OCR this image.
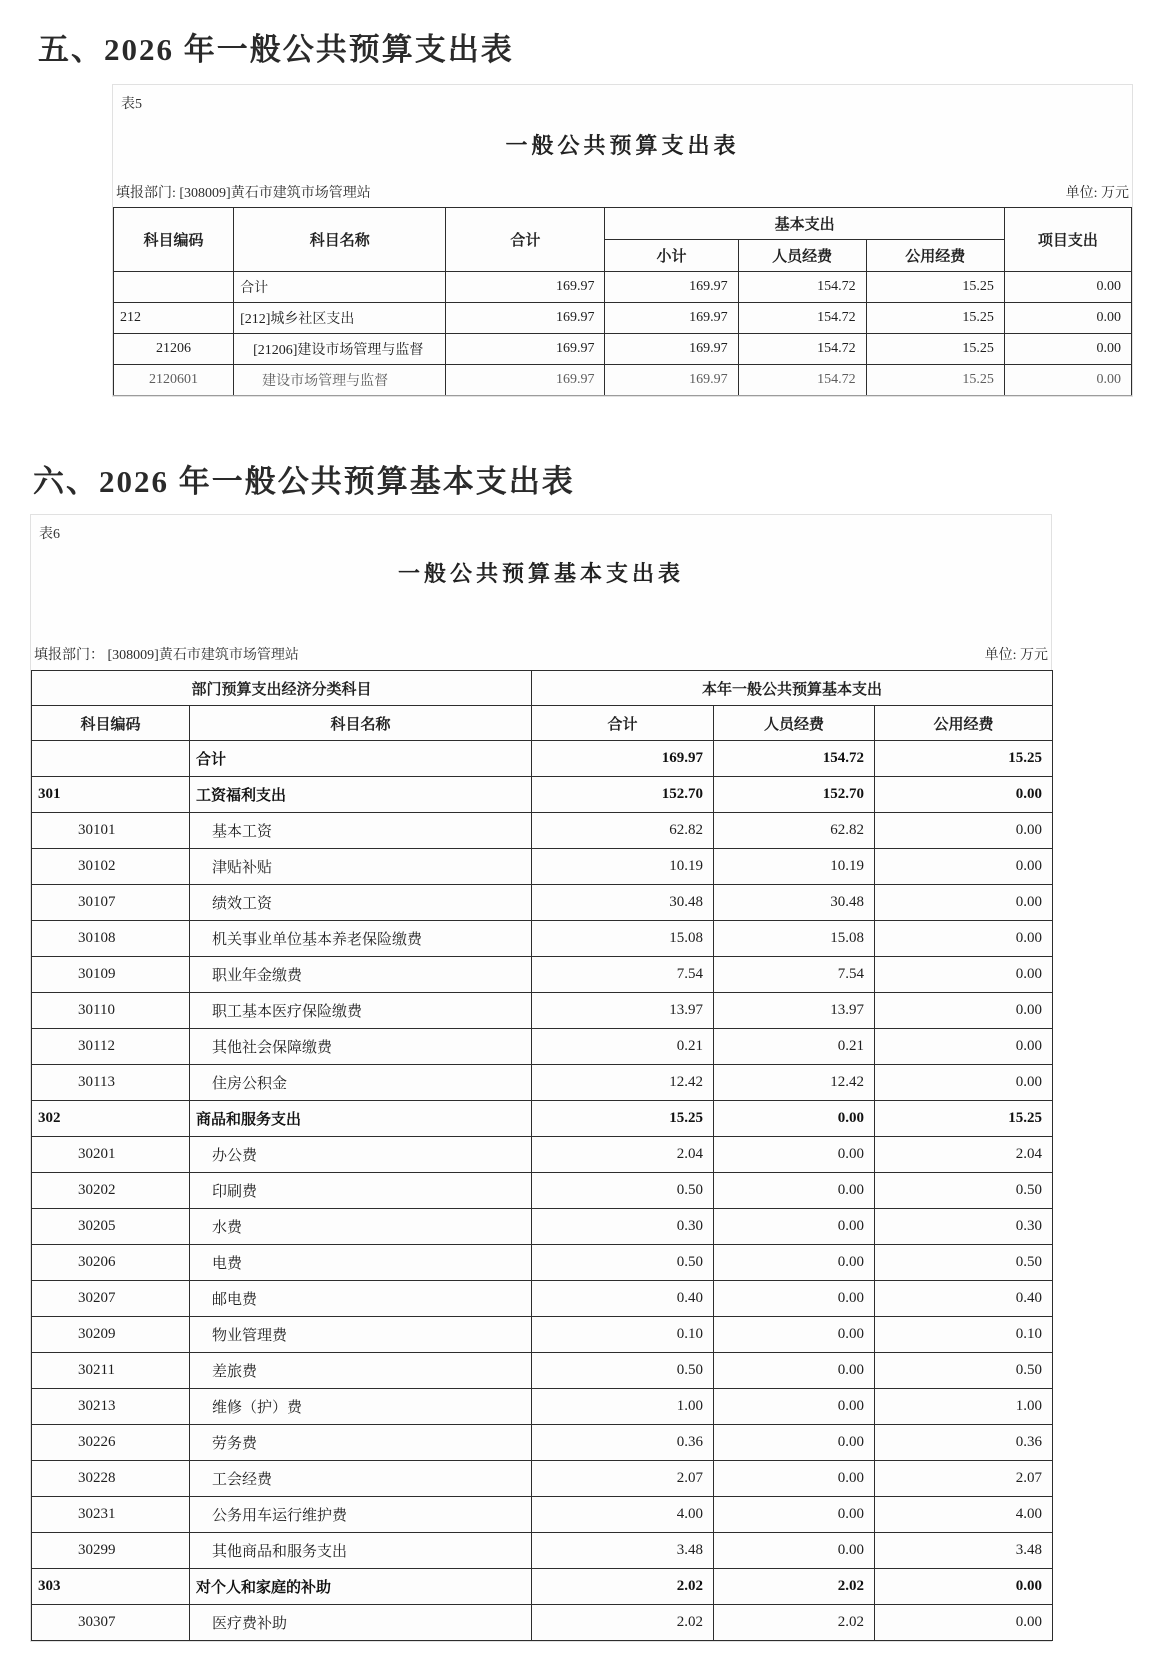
五、2026 年一般公共预算支出表
表5
一般公共预算支出表
填报部门: [308009]黄石市建筑市场管理站	单位: 万元
科目编码	科目名称	合计	基本支出			项目支出
			小计	人员经费	公用经费	
	合计	169.97	169.97	154.72	15.25	0.00
212	[212]城乡社区支出	169.97	169.97	154.72	15.25	0.00
21206	[21206]建设市场管理与监督	169.97	169.97	154.72	15.25	0.00
2120601	建设市场管理与监督	169.97	169.97	154.72	15.25	0.00
六、2026 年一般公共预算基本支出表
表6
一般公共预算基本支出表
填报部门： [308009]黄石市建筑市场管理站	单位: 万元
部门预算支出经济分类科目		本年一般公共预算基本支出		
科目编码	科目名称	合计	人员经费	公用经费
	合计	169.97	154.72	15.25
301	工资福利支出	152.70	152.70	0.00
30101	基本工资	62.82	62.82	0.00
30102	津贴补贴	10.19	10.19	0.00
30107	绩效工资	30.48	30.48	0.00
30108	机关事业单位基本养老保险缴费	15.08	15.08	0.00
30109	职业年金缴费	7.54	7.54	0.00
30110	职工基本医疗保险缴费	13.97	13.97	0.00
30112	其他社会保障缴费	0.21	0.21	0.00
30113	住房公积金	12.42	12.42	0.00
302	商品和服务支出	15.25	0.00	15.25
30201	办公费	2.04	0.00	2.04
30202	印刷费	0.50	0.00	0.50
30205	水费	0.30	0.00	0.30
30206	电费	0.50	0.00	0.50
30207	邮电费	0.40	0.00	0.40
30209	物业管理费	0.10	0.00	0.10
30211	差旅费	0.50	0.00	0.50
30213	维修（护）费	1.00	0.00	1.00
30226	劳务费	0.36	0.00	0.36
30228	工会经费	2.07	0.00	2.07
30231	公务用车运行维护费	4.00	0.00	4.00
30299	其他商品和服务支出	3.48	0.00	3.48
303	对个人和家庭的补助	2.02	2.02	0.00
30307	医疗费补助	2.02	2.02	0.00
